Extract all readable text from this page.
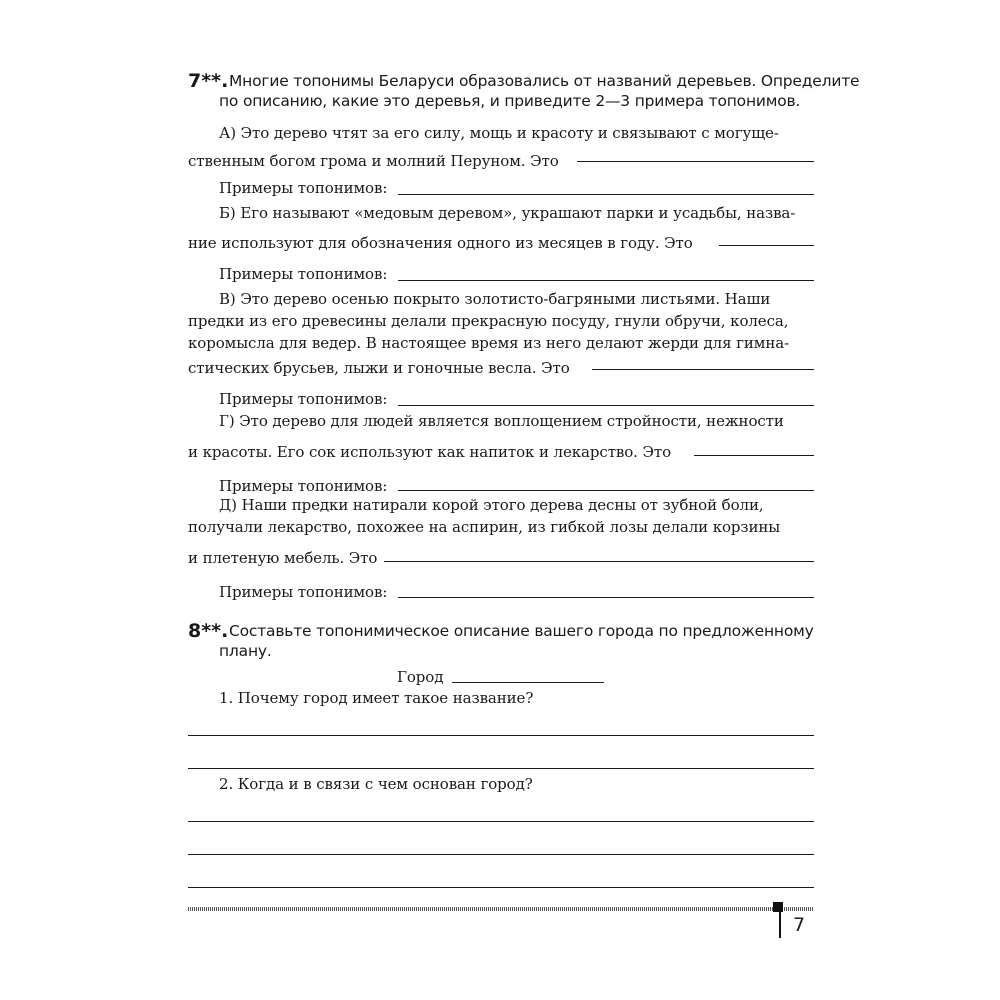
7**. Многие топонимы Беларуси образовались от названий деревьев. Определите
по описанию, какие это деревья, и приведите 2—3 примера топонимов.
А) Это дерево чтят за его силу, мощь и красоту и связывают с могуще-
ственным богом грома и молний Перуном. Это
Примеры топонимов:
Б) Его называют «медовым деревом», украшают парки и усадьбы, назва-
ние используют для обозначения одного из месяцев в году. Это
Примеры топонимов:
В) Это дерево осенью покрыто золотисто-багряными листьями. Наши
предки из его древесины делали прекрасную посуду, гнули обручи, колеса,
коромысла для ведер. В настоящее время из него делают жерди для гимна-
стических брусьев, лыжи и гоночные весла. Это
Примеры топонимов:
Г) Это дерево для людей является воплощением стройности, нежности
и красоты. Его сок используют как напиток и лекарство. Это
Примеры топонимов:
Д) Наши предки натирали корой этого дерева десны от зубной боли,
получали лекарство, похожее на аспирин, из гибкой лозы делали корзины
и плетеную мебель. Это
Примеры топонимов:
8**. Составьте топонимическое описание вашего города по предложенному
плану.
Город
1. Почему город имеет такое название?
2. Когда и в связи с чем основан город?
7
